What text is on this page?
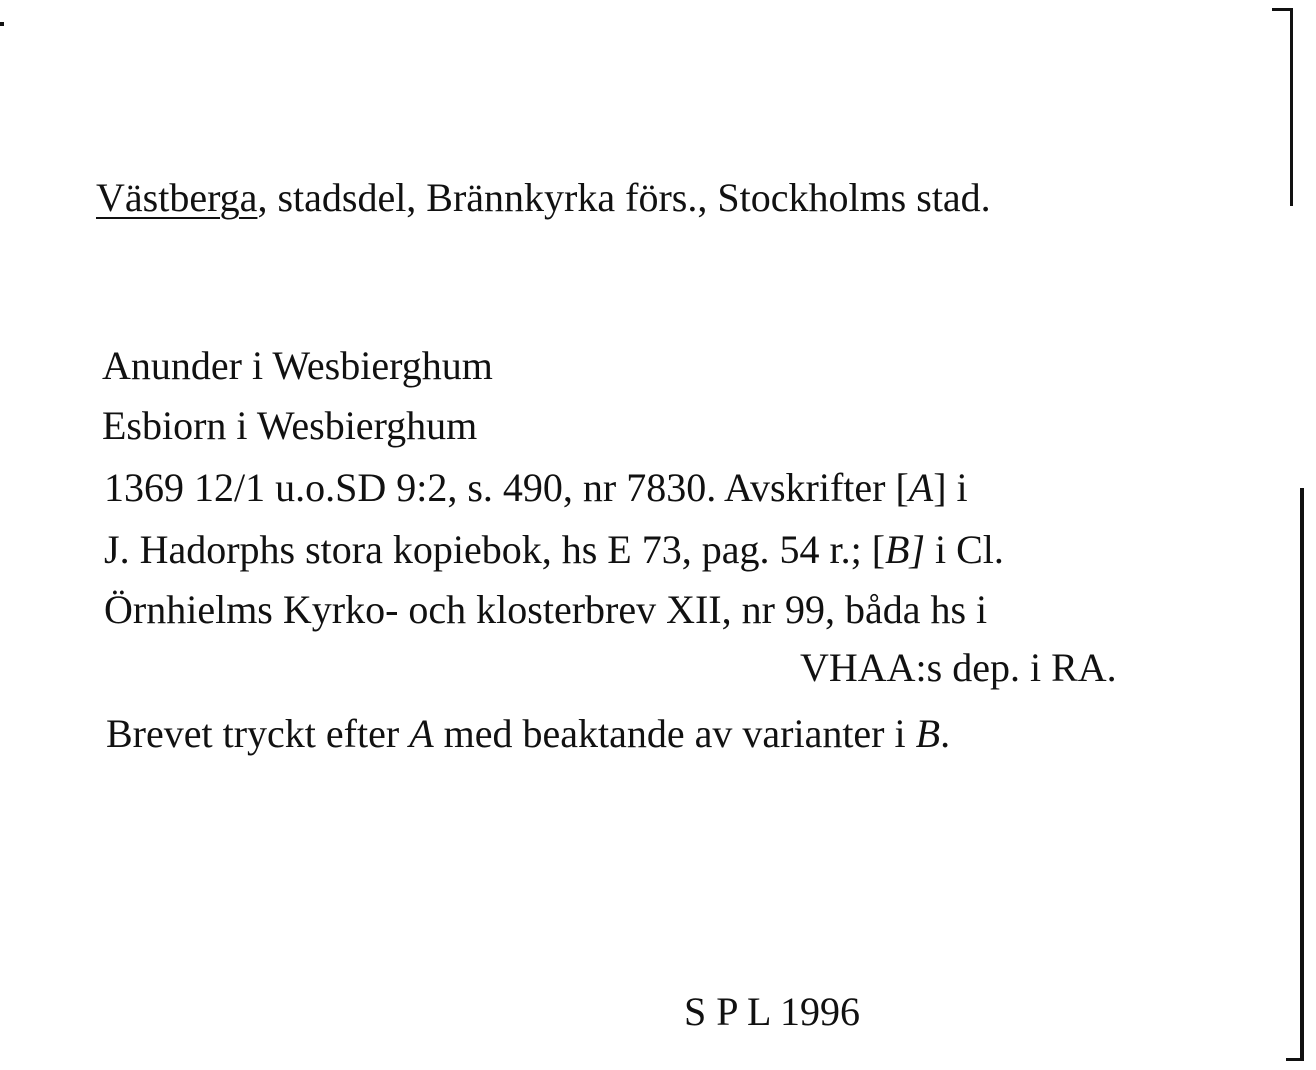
Västberga, stadsdel, Brännkyrka förs., Stockholms stad.
Anunder i Wesbierghum
Esbiorn i Wesbierghum
1369 12/1 u.o.SD 9:2, s. 490, nr 7830. Avskrifter [A] i
J. Hadorphs stora kopiebok, hs E 73, pag. 54 r.; [B] i Cl.
Örnhielms Kyrko- och klosterbrev XII, nr 99, båda hs i
VHAA:s dep. i RA.
Brevet tryckt efter A med beaktande av varianter i B.
S P L 1996
